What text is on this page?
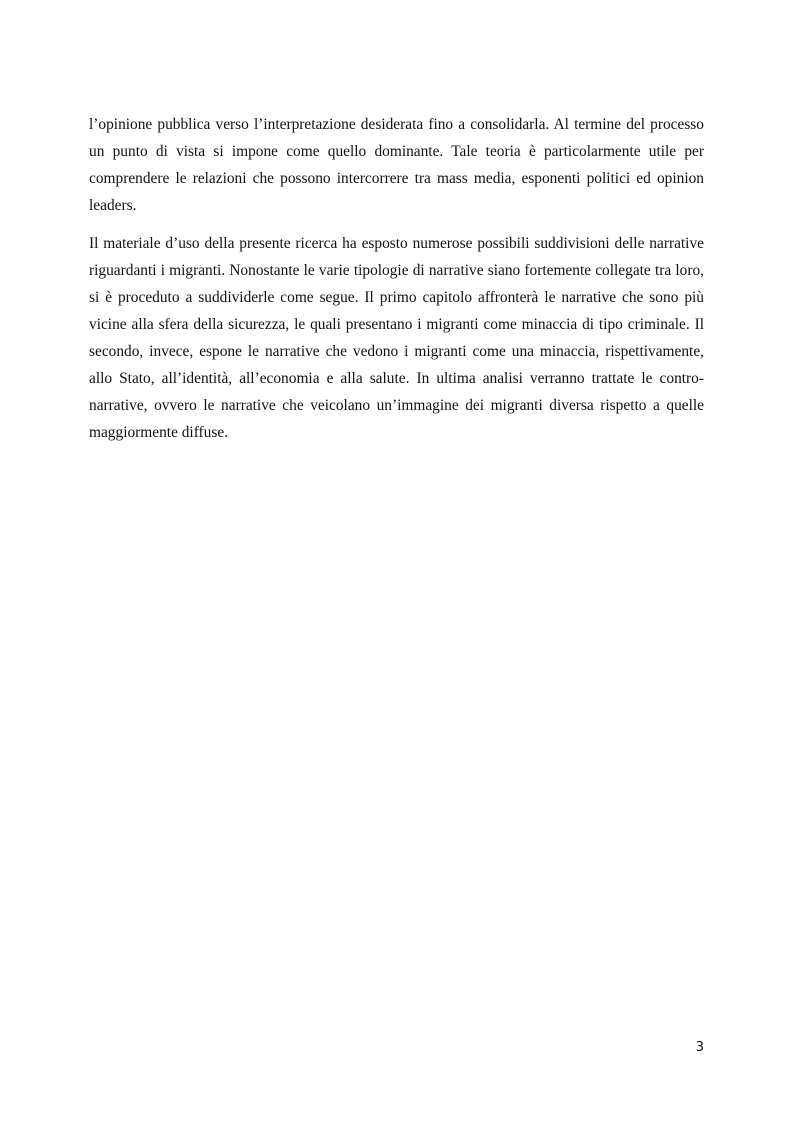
l’opinione pubblica verso l’interpretazione desiderata fino a consolidarla. Al termine del processo un punto di vista si impone come quello dominante. Tale teoria è particolarmente utile per comprendere le relazioni che possono intercorrere tra mass media, esponenti politici ed opinion leaders.

Il materiale d’uso della presente ricerca ha esposto numerose possibili suddivisioni delle narrative riguardanti i migranti. Nonostante le varie tipologie di narrative siano fortemente collegate tra loro, si è proceduto a suddividerle come segue. Il primo capitolo affronterà le narrative che sono più vicine alla sfera della sicurezza, le quali presentano i migranti come minaccia di tipo criminale. Il secondo, invece, espone le narrative che vedono i migranti come una minaccia, rispettivamente, allo Stato, all’identità, all’economia e alla salute. In ultima analisi verranno trattate le contro-narrative, ovvero le narrative che veicolano un’immagine dei migranti diversa rispetto a quelle maggiormente diffuse.

3
